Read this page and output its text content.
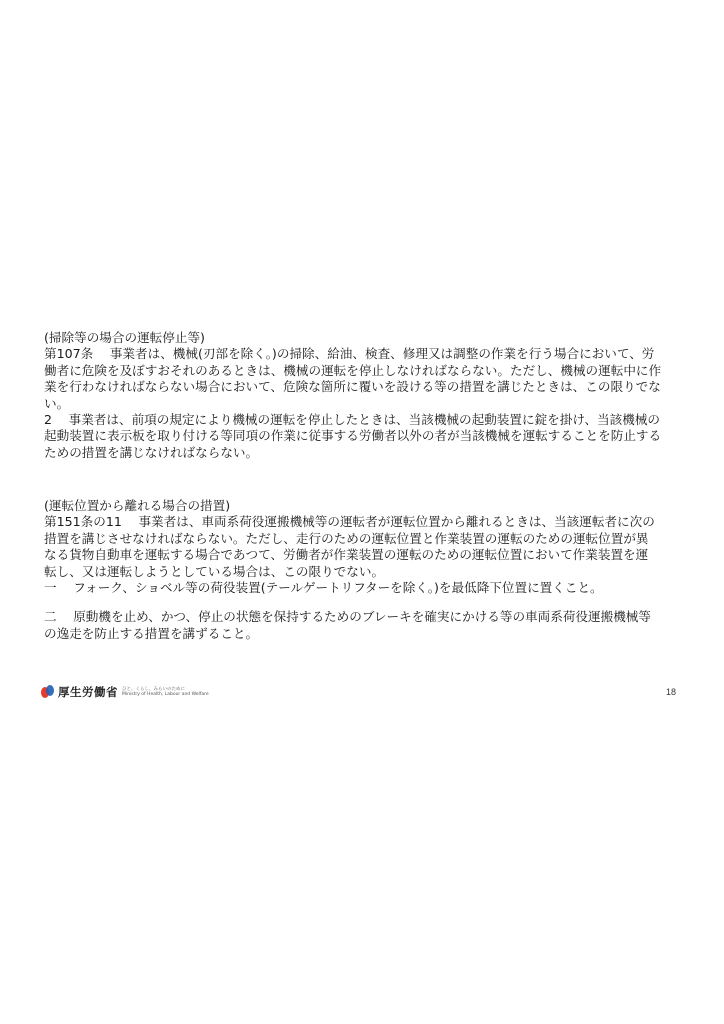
(掃除等の場合の運転停止等)

第107条　 事業者は、機械(刃部を除く。)の掃除、給油、検査、修理又は調整の作業を行う場合において、労

働者に危険を及ぼすおそれのあるときは、機械の運転を停止しなければならない。ただし、機械の運転中に作

業を行わなければならない場合において、危険な箇所に覆いを設ける等の措置を講じたときは、この限りでな

い。

2　 事業者は、前項の規定により機械の運転を停止したときは、当該機械の起動装置に錠を掛け、当該機械の

起動装置に表示板を取り付ける等同項の作業に従事する労働者以外の者が当該機械を運転することを防止する

ための措置を講じなければならない。

(運転位置から離れる場合の措置)

第151条の11　 事業者は、車両系荷役運搬機械等の運転者が運転位置から離れるときは、当該運転者に次の

措置を講じさせなければならない。ただし、走行のための運転位置と作業装置の運転のための運転位置が異

なる貨物自動車を運転する場合であつて、労働者が作業装置の運転のための運転位置において作業装置を運

転し、又は運転しようとしている場合は、この限りでない。

一　 フォーク、ショベル等の荷役装置(テールゲートリフターを除く。)を最低降下位置に置くこと。

二　 原動機を止め、かつ、停止の状態を保持するためのブレーキを確実にかける等の車両系荷役運搬機械等

の逸走を防止する措置を講ずること。

厚生労働省 ひと、くらし、みらいのために
Ministry of Health, Labour and Welfare	18
